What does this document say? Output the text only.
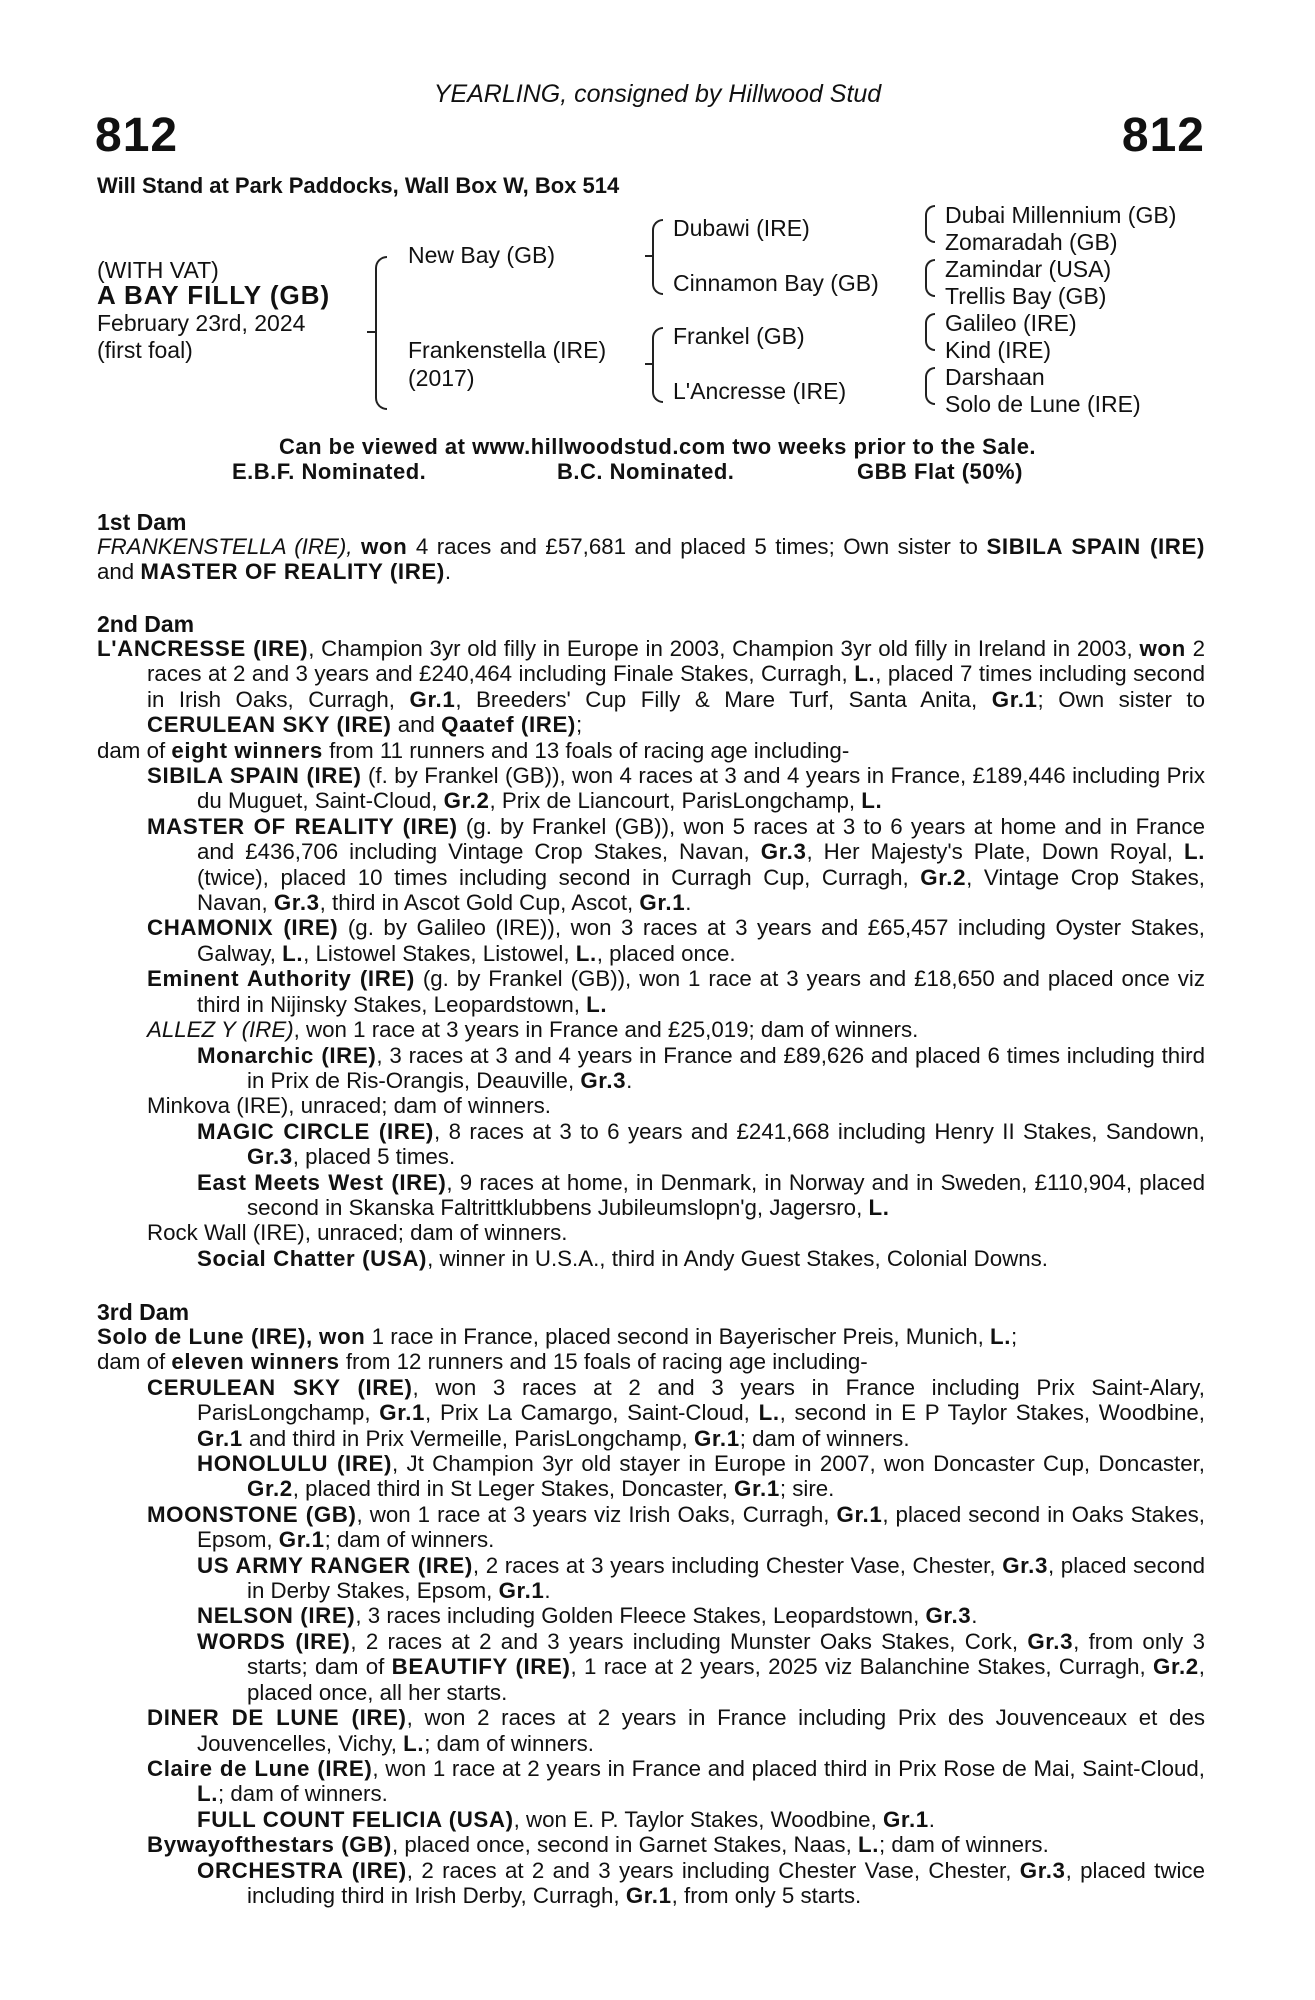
YEARLING, consigned by Hillwood Stud
812	812
Will Stand at Park Paddocks, Wall Box W, Box 514
(WITH VAT)
A BAY FILLY (GB)
February 23rd, 2024
(first foal)
New Bay (GB)
Frankenstella (IRE)
(2017)
Dubawi (IRE)
Cinnamon Bay (GB)
Frankel (GB)
L'Ancresse (IRE)
Dubai Millennium (GB)
Zomaradah (GB)
Zamindar (USA)
Trellis Bay (GB)
Galileo (IRE)
Kind (IRE)
Darshaan
Solo de Lune (IRE)
Can be viewed at www.hillwoodstud.com two weeks prior to the Sale.
E.B.F. Nominated.	B.C. Nominated.	GBB Flat (50%)
1st Dam
FRANKENSTELLA (IRE), won 4 races and £57,681 and placed 5 times; Own sister to SIBILA SPAIN (IRE) and MASTER OF REALITY (IRE).
2nd Dam
L'ANCRESSE (IRE), Champion 3yr old filly in Europe in 2003, Champion 3yr old filly in Ireland in 2003, won 2 races at 2 and 3 years and £240,464 including Finale Stakes, Curragh, L., placed 7 times including second in Irish Oaks, Curragh, Gr.1, Breeders' Cup Filly & Mare Turf, Santa Anita, Gr.1; Own sister to CERULEAN SKY (IRE) and Qaatef (IRE);
dam of eight winners from 11 runners and 13 foals of racing age including-
SIBILA SPAIN (IRE) (f. by Frankel (GB)), won 4 races at 3 and 4 years in France, £189,446 including Prix du Muguet, Saint-Cloud, Gr.2, Prix de Liancourt, ParisLongchamp, L.
MASTER OF REALITY (IRE) (g. by Frankel (GB)), won 5 races at 3 to 6 years at home and in France and £436,706 including Vintage Crop Stakes, Navan, Gr.3, Her Majesty's Plate, Down Royal, L. (twice), placed 10 times including second in Curragh Cup, Curragh, Gr.2, Vintage Crop Stakes, Navan, Gr.3, third in Ascot Gold Cup, Ascot, Gr.1.
CHAMONIX (IRE) (g. by Galileo (IRE)), won 3 races at 3 years and £65,457 including Oyster Stakes, Galway, L., Listowel Stakes, Listowel, L., placed once.
Eminent Authority (IRE) (g. by Frankel (GB)), won 1 race at 3 years and £18,650 and placed once viz third in Nijinsky Stakes, Leopardstown, L.
ALLEZ Y (IRE), won 1 race at 3 years in France and £25,019; dam of winners.
Monarchic (IRE), 3 races at 3 and 4 years in France and £89,626 and placed 6 times including third in Prix de Ris-Orangis, Deauville, Gr.3.
Minkova (IRE), unraced; dam of winners.
MAGIC CIRCLE (IRE), 8 races at 3 to 6 years and £241,668 including Henry II Stakes, Sandown, Gr.3, placed 5 times.
East Meets West (IRE), 9 races at home, in Denmark, in Norway and in Sweden, £110,904, placed second in Skanska Faltrittklubbens Jubileumslopn'g, Jagersro, L.
Rock Wall (IRE), unraced; dam of winners.
Social Chatter (USA), winner in U.S.A., third in Andy Guest Stakes, Colonial Downs.
3rd Dam
Solo de Lune (IRE), won 1 race in France, placed second in Bayerischer Preis, Munich, L.;
dam of eleven winners from 12 runners and 15 foals of racing age including-
CERULEAN SKY (IRE), won 3 races at 2 and 3 years in France including Prix Saint-Alary, ParisLongchamp, Gr.1, Prix La Camargo, Saint-Cloud, L., second in E P Taylor Stakes, Woodbine, Gr.1 and third in Prix Vermeille, ParisLongchamp, Gr.1; dam of winners.
HONOLULU (IRE), Jt Champion 3yr old stayer in Europe in 2007, won Doncaster Cup, Doncaster, Gr.2, placed third in St Leger Stakes, Doncaster, Gr.1; sire.
MOONSTONE (GB), won 1 race at 3 years viz Irish Oaks, Curragh, Gr.1, placed second in Oaks Stakes, Epsom, Gr.1; dam of winners.
US ARMY RANGER (IRE), 2 races at 3 years including Chester Vase, Chester, Gr.3, placed second in Derby Stakes, Epsom, Gr.1.
NELSON (IRE), 3 races including Golden Fleece Stakes, Leopardstown, Gr.3.
WORDS (IRE), 2 races at 2 and 3 years including Munster Oaks Stakes, Cork, Gr.3, from only 3 starts; dam of BEAUTIFY (IRE), 1 race at 2 years, 2025 viz Balanchine Stakes, Curragh, Gr.2, placed once, all her starts.
DINER DE LUNE (IRE), won 2 races at 2 years in France including Prix des Jouvenceaux et des Jouvencelles, Vichy, L.; dam of winners.
Claire de Lune (IRE), won 1 race at 2 years in France and placed third in Prix Rose de Mai, Saint-Cloud, L.; dam of winners.
FULL COUNT FELICIA (USA), won E. P. Taylor Stakes, Woodbine, Gr.1.
Bywayofthestars (GB), placed once, second in Garnet Stakes, Naas, L.; dam of winners.
ORCHESTRA (IRE), 2 races at 2 and 3 years including Chester Vase, Chester, Gr.3, placed twice including third in Irish Derby, Curragh, Gr.1, from only 5 starts.
